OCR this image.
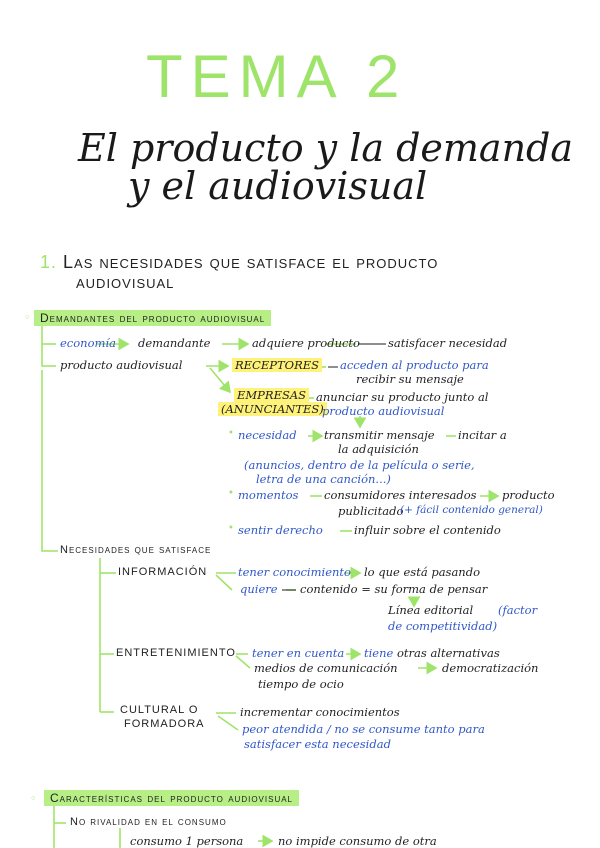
TEMA 2
El producto y la demanda
y el audiovisual
1. Las necesidades que satisface el producto
audiovisual
◦ Demandantes del producto audiovisual
economía demandante	adquiere producto satisfacer necesidad
producto audiovisual	RECEPTORES acceden al producto para
recibir su mensaje
EMPRESAS
(ANUNCIANTES)
anunciar su producto junto al
producto audiovisual
• necesidad transmitir mensaje incitar a
la adquisición
(anuncios, dentro de la película o serie,
letra de una canción...)
• momentos consumidores interesados producto
publicitado
(+ fácil contenido general)
• sentir derecho	influir sobre el contenido
Necesidades que satisface
INFORMACIÓN	tener conocimiento lo que está pasando
quiere contenido = su forma de pensar
Línea editorial (factor
de competitividad)
ENTRETENIMIENTO tener en cuenta tiene otras alternativas
medios de comunicación	democratización
tiempo de ocio
CULTURAL O
FORMADORA
incrementar conocimientos
peor atendida / no se consume tanto para
satisfacer esta necesidad
◦	Características del producto audiovisual
No rivalidad en el consumo
consumo 1 persona	no impide consumo de otra
